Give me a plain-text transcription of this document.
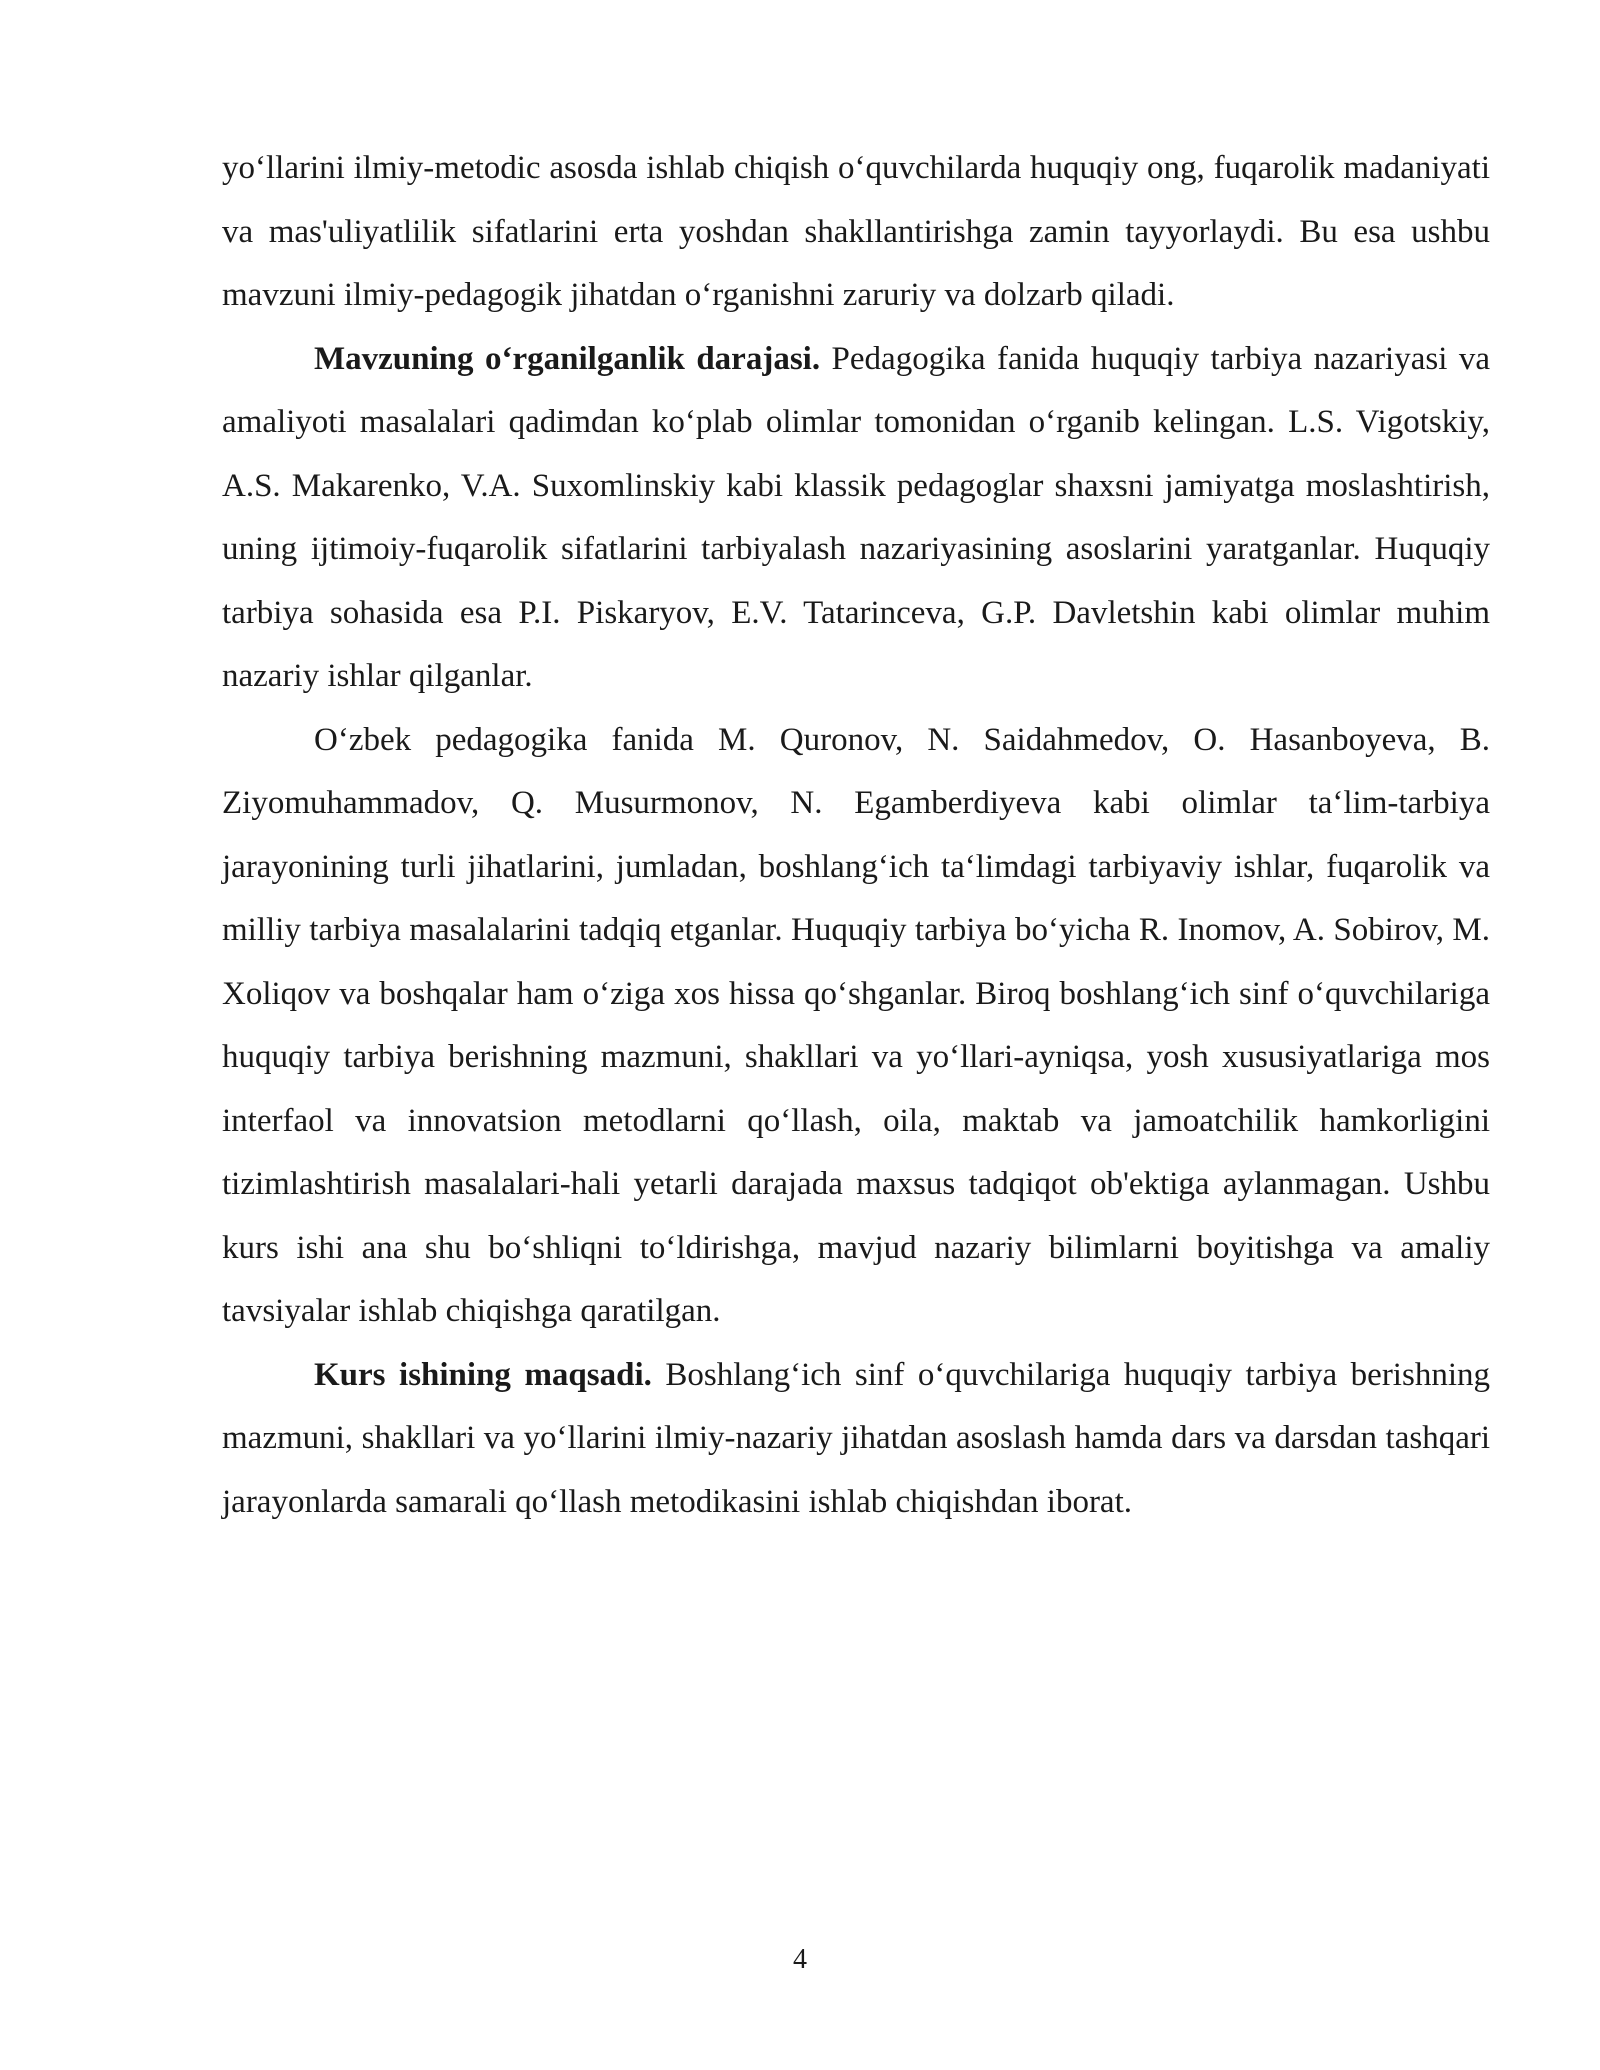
yo‘llarini ilmiy-metodic asosda ishlab chiqish o‘quvchilarda huquqiy ong, fuqarolik madaniyati va mas'uliyatlilik sifatlarini erta yoshdan shakllantirishga zamin tayyorlaydi. Bu esa ushbu mavzuni ilmiy-pedagogik jihatdan o‘rganishni zaruriy va dolzarb qiladi.

Mavzuning o‘rganilganlik darajasi. Pedagogika fanida huquqiy tarbiya nazariyasi va amaliyoti masalalari qadimdan ko‘plab olimlar tomonidan o‘rganib kelingan. L.S. Vigotskiy, A.S. Makarenko, V.A. Suxomlinskiy kabi klassik pedagoglar shaxsni jamiyatga moslashtirish, uning ijtimoiy-fuqarolik sifatlarini tarbiyalash nazariyasining asoslarini yaratganlar. Huquqiy tarbiya sohasida esa P.I. Piskaryov, E.V. Tatarinceva, G.P. Davletshin kabi olimlar muhim nazariy ishlar qilganlar.

O‘zbek pedagogika fanida M. Quronov, N. Saidahmedov, O. Hasanboyeva, B. Ziyomuhammadov, Q. Musurmonov, N. Egamberdiyeva kabi olimlar ta‘lim-tarbiya jarayonining turli jihatlarini, jumladan, boshlang‘ich ta‘limdagi tarbiyaviy ishlar, fuqarolik va milliy tarbiya masalalarini tadqiq etganlar. Huquqiy tarbiya bo‘yicha R. Inomov, A. Sobirov, M. Xoliqov va boshqalar ham o‘ziga xos hissa qo‘shganlar. Biroq boshlang‘ich sinf o‘quvchilariga huquqiy tarbiya berishning mazmuni, shakllari va yo‘llari-ayniqsa, yosh xususiyatlariga mos interfaol va innovatsion metodlarni qo‘llash, oila, maktab va jamoatchilik hamkorligini tizimlashtirish masalalari-hali yetarli darajada maxsus tadqiqot ob'ektiga aylanmagan. Ushbu kurs ishi ana shu bo‘shliqni to‘ldirishga, mavjud nazariy bilimlarni boyitishga va amaliy tavsiyalar ishlab chiqishga qaratilgan.

Kurs ishining maqsadi. Boshlang‘ich sinf o‘quvchilariga huquqiy tarbiya berishning mazmuni, shakllari va yo‘llarini ilmiy-nazariy jihatdan asoslash hamda dars va darsdan tashqari jarayonlarda samarali qo‘llash metodikasini ishlab chiqishdan iborat.

4
